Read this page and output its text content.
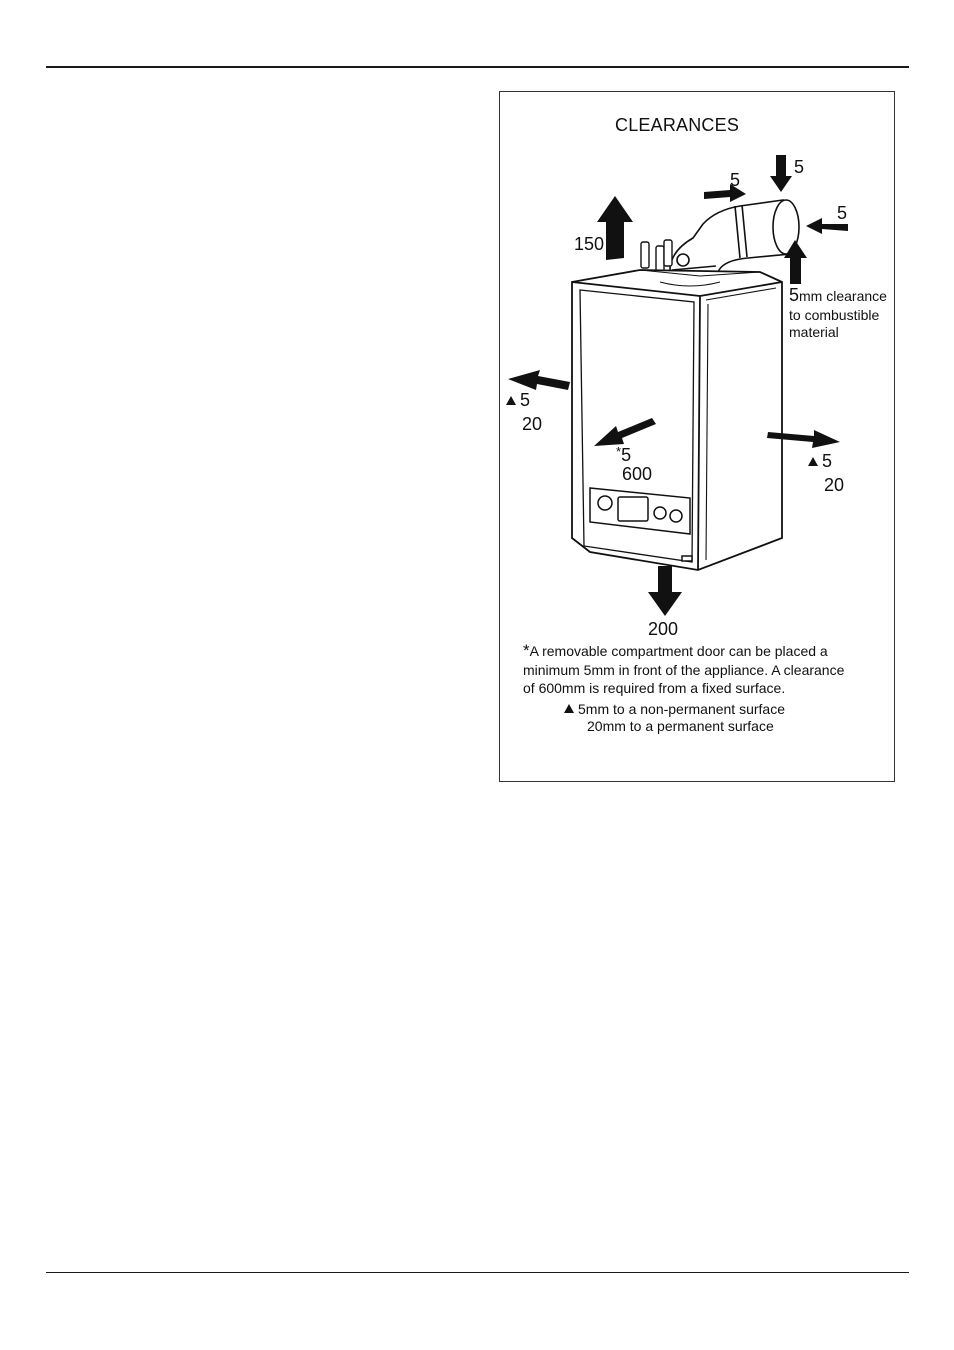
CLEARANCES
5
5
5
150
5mm clearance
to combustible
material
5
20
*5
600
5
20
200
*A removable compartment door can be placed a
minimum 5mm in front of the appliance. A clearance
of 600mm is required from a fixed surface.
5mm to a non-permanent surface
20mm to a permanent surface
